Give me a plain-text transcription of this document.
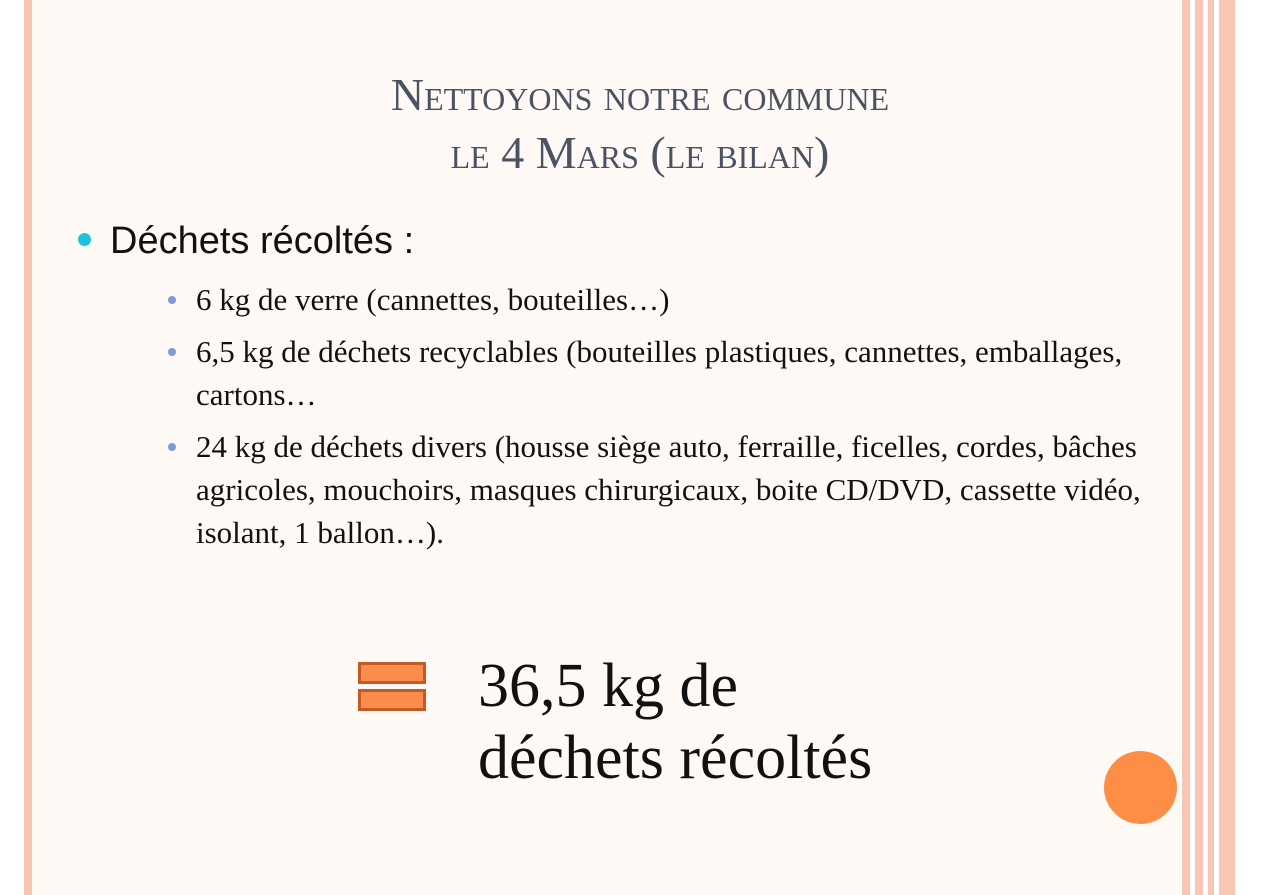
Nettoyons notre commune
le 4 Mars (le bilan)
Déchets récoltés :
6 kg de verre (cannettes, bouteilles…)
6,5 kg de déchets recyclables (bouteilles plastiques, cannettes, emballages, cartons…
24 kg de déchets divers (housse siège auto, ferraille, ficelles, cordes, bâches agricoles, mouchoirs, masques chirurgicaux, boite CD/DVD, cassette vidéo, isolant, 1 ballon…).
36,5 kg de
déchets récoltés
